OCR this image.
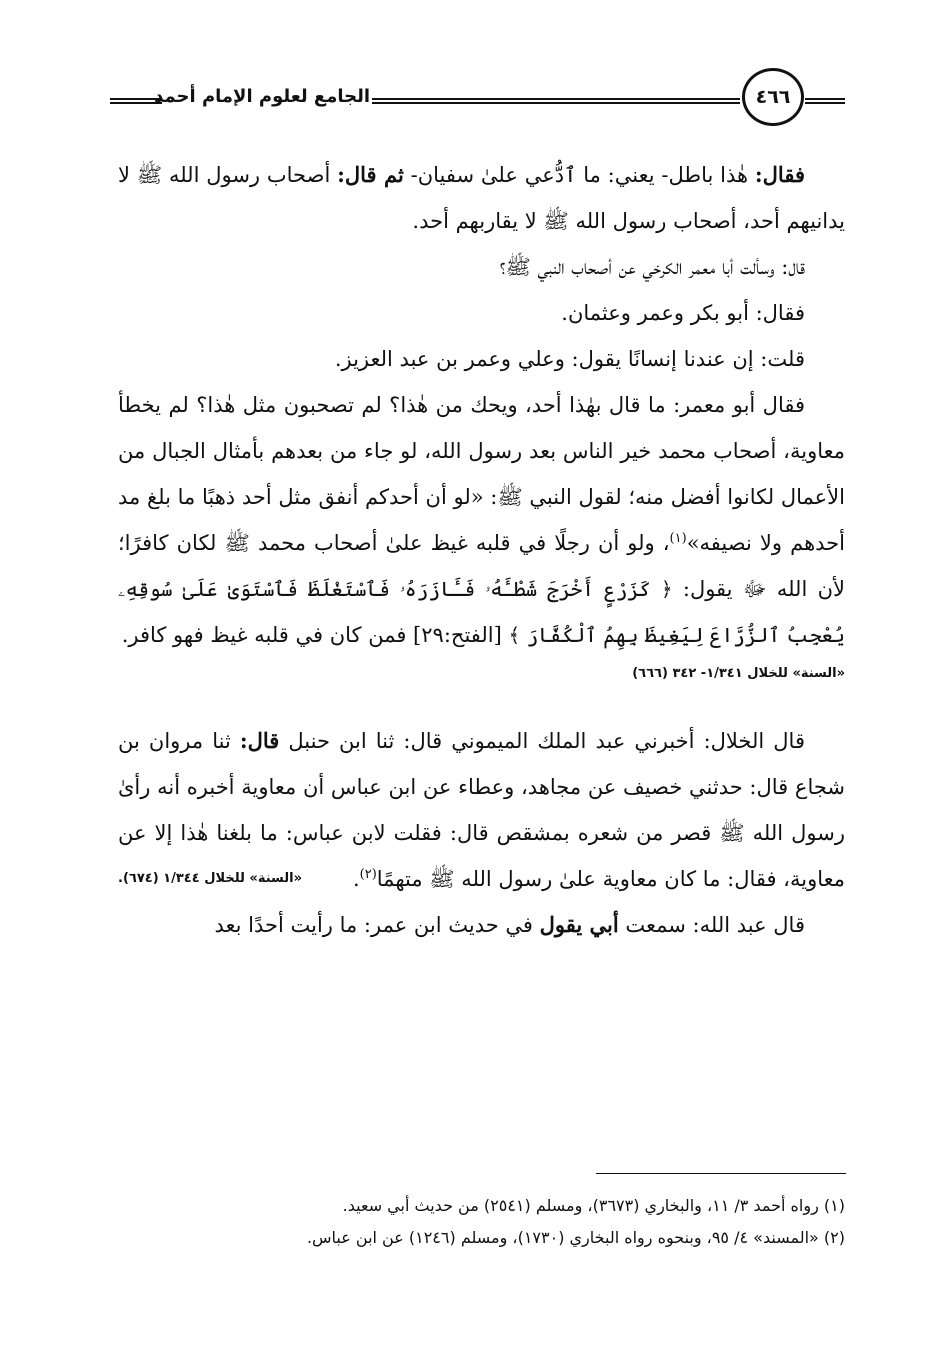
٤٦٦
الجامع لعلوم الإمام أحمد

فقال: هٰذا باطل- يعني: ما ٱدُّعي علىٰ سفيان- ثم قال: أصحاب رسول الله ﷺ لا يدانيهم أحد، أصحاب رسول الله ﷺ لا يقاربهم أحد.

قال: وسألت أبا معمر الكرخي عن أصحاب النبي ﷺ؟

فقال: أبو بكر وعمر وعثمان.

قلت: إن عندنا إنسانًا يقول: وعلي وعمر بن عبد العزيز.

فقال أبو معمر: ما قال بهٰذا أحد، ويحك من هٰذا؟ لم تصحبون مثل هٰذا؟ لم يخطأ معاوية، أصحاب محمد خير الناس بعد رسول الله، لو جاء من بعدهم بأمثال الجبال من الأعمال لكانوا أفضل منه؛ لقول النبي ﷺ: «لو أن أحدكم أنفق مثل أحد ذهبًا ما بلغ مد أحدهم ولا نصيفه»$^{(١)}$، ولو أن رجلًا في قلبه غيظ علىٰ أصحاب محمد ﷺ لكان كافرًا؛ لأن الله ﷻ يقول: ﴿ كَزَرْعٍ أَخْرَجَ شَطْـَٔهُۥ فَـَٔازَرَهُۥ فَٱسْتَغْلَظَ فَٱسْتَوَىٰ عَلَىٰ سُوقِهِۦ يُعْجِبُ ٱلزُّرَّاعَ لِيَغِيظَ بِهِمُ ٱلْكُفَّارَ ﴾ [الفتح:٢٩] فمن كان في قلبه غيظ فهو كافر.

«السنة» للخلال ١/٣٤١- ٣٤٢ (٦٦٦)

قال الخلال: أخبرني عبد الملك الميموني قال: ثنا ابن حنبل قال: ثنا مروان بن شجاع قال: حدثني خصيف عن مجاهد، وعطاء عن ابن عباس أن معاوية أخبره أنه رأىٰ رسول الله ﷺ قصر من شعره بمشقص قال: فقلت لابن عباس: ما بلغنا هٰذا إلا عن معاوية، فقال: ما كان معاوية علىٰ رسول الله ﷺ متهمًا$^{(٢)}$.
«السنة» للخلال ١/٣٤٤ (٦٧٤).

قال عبد الله: سمعت أبي يقول في حديث ابن عمر: ما رأيت أحدًا بعد

(١) رواه أحمد ٣/ ١١، والبخاري (٣٦٧٣)، ومسلم (٢٥٤١) من حديث أبي سعيد.

(٢) «المسند» ٤/ ٩٥، وبنحوه رواه البخاري (١٧٣٠)، ومسلم (١٢٤٦) عن ابن عباس.
